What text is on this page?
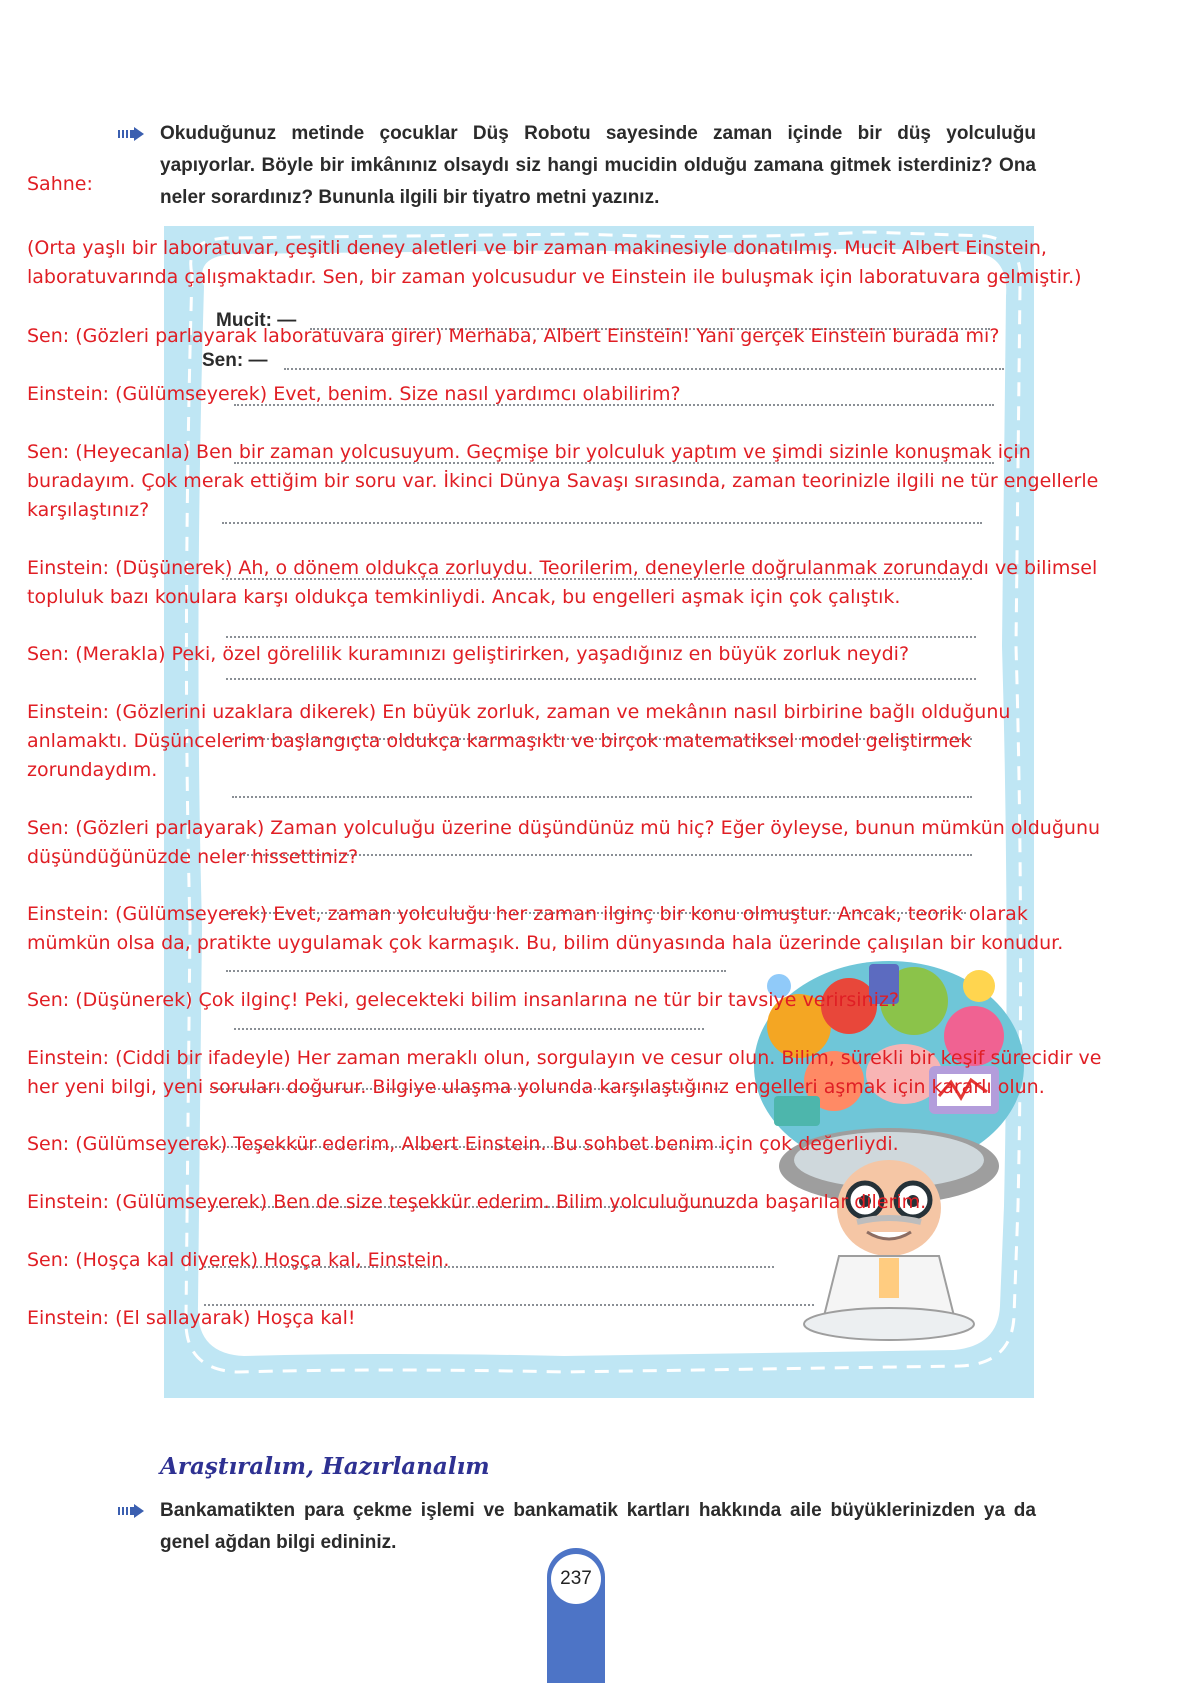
Okuduğunuz metinde çocuklar Düş Robotu sayesinde zaman içinde bir düş yolculuğu yapıyorlar. Böyle bir imkânınız olsaydı siz hangi mucidin olduğu zamana gitmek isterdiniz? Ona neler sorardınız? Bununla ilgili bir tiyatro metni yazınız.
Mucit: —
Sen: —
Sahne:
(Orta yaşlı bir laboratuvar, çeşitli deney aletleri ve bir zaman makinesiyle donatılmış. Mucit Albert Einstein,
laboratuvarında çalışmaktadır. Sen, bir zaman yolcusudur ve Einstein ile buluşmak için laboratuvara gelmiştir.)
Sen: (Gözleri parlayarak laboratuvara girer) Merhaba, Albert Einstein! Yani gerçek Einstein burada mı?
Einstein: (Gülümseyerek) Evet, benim. Size nasıl yardımcı olabilirim?
Sen: (Heyecanla) Ben bir zaman yolcusuyum. Geçmişe bir yolculuk yaptım ve şimdi sizinle konuşmak için
buradayım. Çok merak ettiğim bir soru var. İkinci Dünya Savaşı sırasında, zaman teorinizle ilgili ne tür engellerle
karşılaştınız?
Einstein: (Düşünerek) Ah, o dönem oldukça zorluydu. Teorilerim, deneylerle doğrulanmak zorundaydı ve bilimsel
topluluk bazı konulara karşı oldukça temkinliydi. Ancak, bu engelleri aşmak için çok çalıştık.
Sen: (Merakla) Peki, özel görelilik kuramınızı geliştirirken, yaşadığınız en büyük zorluk neydi?
Einstein: (Gözlerini uzaklara dikerek) En büyük zorluk, zaman ve mekânın nasıl birbirine bağlı olduğunu
anlamaktı. Düşüncelerim başlangıçta oldukça karmaşıktı ve birçok matematiksel model geliştirmek
zorundaydım.
Sen: (Gözleri parlayarak) Zaman yolculuğu üzerine düşündünüz mü hiç? Eğer öyleyse, bunun mümkün olduğunu
düşündüğünüzde neler hissettiniz?
Einstein: (Gülümseyerek) Evet, zaman yolculuğu her zaman ilginç bir konu olmuştur. Ancak, teorik olarak
mümkün olsa da, pratikte uygulamak çok karmaşık. Bu, bilim dünyasında hala üzerinde çalışılan bir konudur.
Sen: (Düşünerek) Çok ilginç! Peki, gelecekteki bilim insanlarına ne tür bir tavsiye verirsiniz?
Einstein: (Ciddi bir ifadeyle) Her zaman meraklı olun, sorgulayın ve cesur olun. Bilim, sürekli bir keşif sürecidir ve
her yeni bilgi, yeni soruları doğurur. Bilgiye ulaşma yolunda karşılaştığınız engelleri aşmak için kararlı olun.
Sen: (Gülümseyerek) Teşekkür ederim, Albert Einstein. Bu sohbet benim için çok değerliydi.
Einstein: (Gülümseyerek) Ben de size teşekkür ederim. Bilim yolculuğunuzda başarılar dilerim.
Sen: (Hoşça kal diyerek) Hoşça kal, Einstein.
Einstein: (El sallayarak) Hoşça kal!
Araştıralım, Hazırlanalım
Bankamatikten para çekme işlemi ve bankamatik kartları hakkında aile büyüklerinizden ya da genel ağdan bilgi edininiz.
237
